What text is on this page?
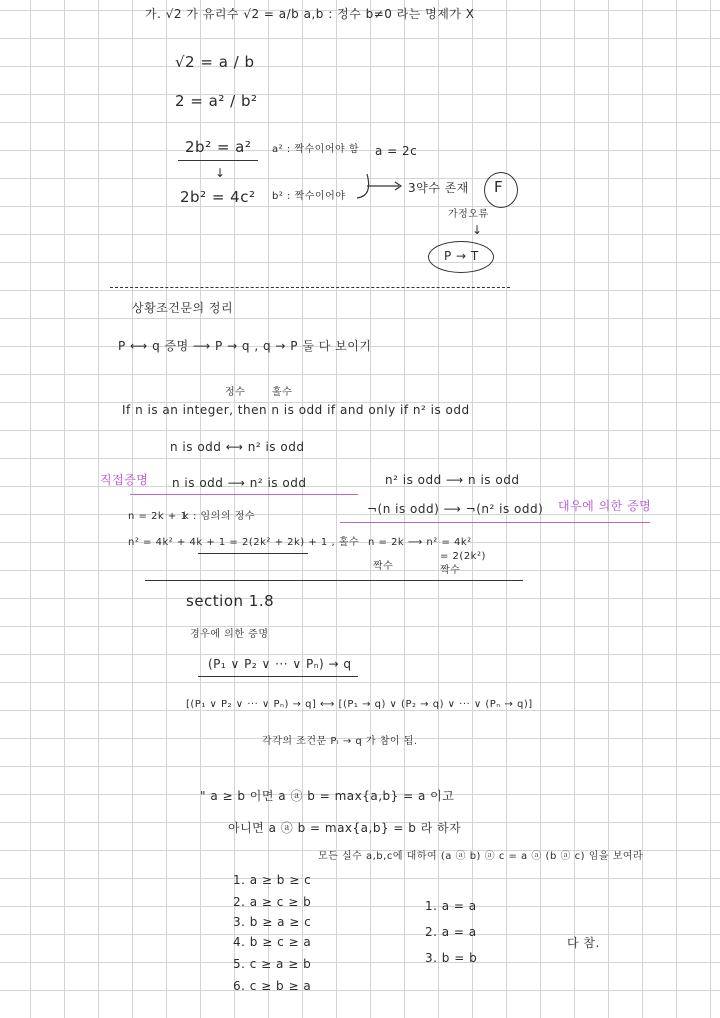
가. √2 가 유리수 √2 = a/b a,b : 정수 b≠0 라는 명제가 X
√2 = a / b
2 = a² / b²
2b² = a² a² : 짝수이어야 함 a = 2c
↓
2b² = 4c² b² : 짝수이어야
3약수 존재 F
가정오류
↓
P → T
상황조건문의 정리
P ⟷ q 증명 ⟶ P → q , q → P 둘 다 보이기
정수	홀수
If n is an integer, then n is odd if and only if n² is odd
n is odd ⟷ n² is odd
직접증명 n is odd ⟶ n² is odd	n² is odd ⟶ n is odd
¬(n is odd) ⟶ ¬(n² is odd) 대우에 의한 증명
n = 2k + 1
k : 임의의 정수
n² = 4k² + 4k + 1 = 2(2k² + 2k) + 1 , 홀수 n = 2k ⟶ n² = 4k²
= 2(2k²)
짝수	짝수
section 1.8
경우에 의한 증명
(P₁ ∨ P₂ ∨ ··· ∨ Pₙ) → q
[(P₁ ∨ P₂ ∨ ··· ∨ Pₙ) → q] ⟷ [(P₁ → q) ∨ (P₂ → q) ∨ ··· ∨ (Pₙ → q)]
각각의 조건문 Pᵢ → q 가 참이 됨.
" a ≥ b 이면 a ⓐ b = max{a,b} = a 이고
아니면 a ⓐ b = max{a,b} = b 라 하자
모든 실수 a,b,c에 대하여 (a ⓐ b) ⓐ c = a ⓐ (b ⓐ c) 임을 보여라
1. a ≥ b ≥ c
2. a ≥ c ≥ b
3. b ≥ a ≥ c
4. b ≥ c ≥ a
5. c ≥ a ≥ b
6. c ≥ b ≥ a
1. a = a
2. a = a
3. b = b
다 참.
